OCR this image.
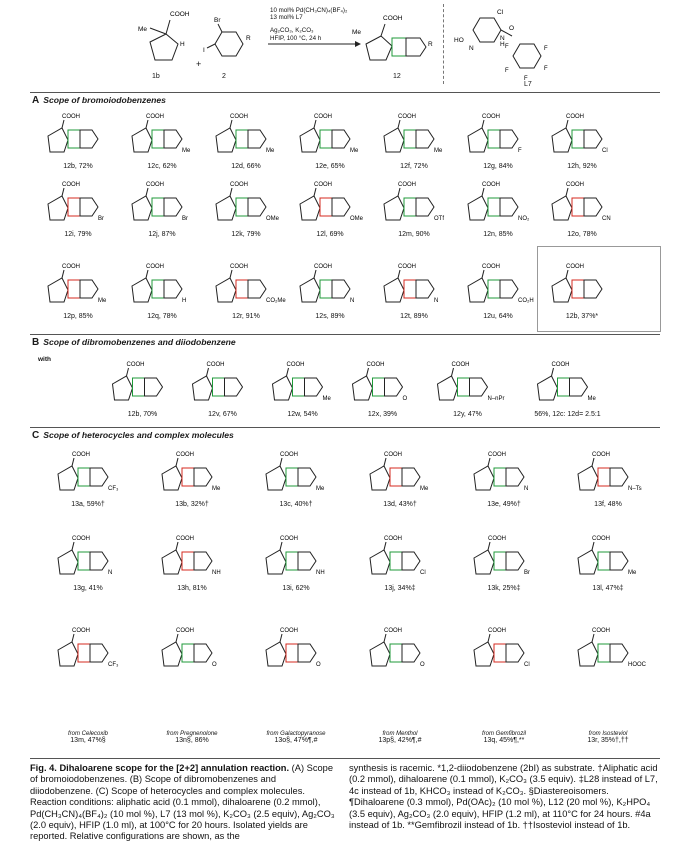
COOH
Me
H
Br
I
R
COOH
Me
R
Cl
HO
N
H
N
O
F
F
F
F
F
1b
+
2	12
L7
10 mol% Pd(CH₃CN)₄(BF₄)₂
13 mol% L7
Ag₂CO₃, K₂CO₃
HFIP, 100 °C, 24 h
A Scope of bromoiodobenzenes
B Scope of dibromobenzenes and diiodobenzene
with
C Scope of heterocycles and complex molecules
COOH
12b, 72%
COOH
Me
12c, 62%
COOH
Me
12d, 66%
COOH
Me
12e, 65%
COOH
Me
12f, 72%
COOH
F
12g, 84%
COOH
Cl
12h, 92%
COOH
Br
12i, 79%
COOH
Br
12j, 87%
COOH
OMe
12k, 79%
COOH
OMe
12l, 69%
COOH
OTf
12m, 90%
COOH
NO₂
12n, 85%
COOH
CN
12o, 78%
COOH
Me
12p, 85%
COOH
H
12q, 78%
COOH
CO₂Me
12r, 91%
COOH
N
12s, 89%
COOH
N
12t, 89%
COOH
CO₂H
12u, 64%
COOH
12b, 37%*
COOH
12b, 70%
COOH
12v, 67%
COOH
Me
12w, 54%
COOH
O
12x, 39%
COOH
N–nPr
12y, 47%
COOH
Me
56%, 12c: 12d= 2.5:1
COOH
CF₃
13a, 59%†
COOH
Me
13b, 32%†
COOH
Me
13c, 40%†
COOH
Me
13d, 43%†
COOH
N
13e, 49%†
COOH
N–Ts
13f, 48%
COOH
N
13g, 41%
COOH
NH
13h, 81%
COOH
NH
13i, 62%
COOH
Cl
13j, 34%‡
COOH
Br
13k, 25%‡
COOH
Me
13l, 47%‡
COOH
CF₃
from Celecoxib
13m, 47%§
COOH
O
from Pregnenolone
13n§, 86%
COOH
O
from Galactopyranose
13o§, 47%¶,#
COOH
O
from Menthol
13p§, 42%¶,#
COOH
Cl
from Gemfibrozil
13q, 45%¶,**
COOH
HOOC
from Isosteviol
13r, 35%†,††
Fig. 4. Dihaloarene scope for the [2+2] annulation reaction. (A) Scope of bromoiodobenzenes. (B) Scope of dibromobenzenes and diiodobenzene. (C) Scope of heterocycles and complex molecules. Reaction conditions: aliphatic acid (0.1 mmol), dihaloarene (0.2 mmol), Pd(CH₃CN)₄(BF₄)₂ (10 mol %), L7 (13 mol %), K₂CO₃ (2.5 equiv), Ag₂CO₃ (2.0 equiv), HFIP (1.0 ml), at 100°C for 20 hours. Isolated yields are reported. Relative configurations are shown, as the
synthesis is racemic. *1,2-diiodobenzene (2bI) as substrate. †Aliphatic acid (0.2 mmol), dihaloarene (0.1 mmol), K₂CO₃ (3.5 equiv). ‡L28 instead of L7, 4c instead of 1b, KHCO₃ instead of K₂CO₃. §Diastereoisomers. ¶Dihaloarene (0.3 mmol), Pd(OAc)₂ (10 mol %), L12 (20 mol %), K₂HPO₄ (3.5 equiv), Ag₂CO₃ (2.0 equiv), HFIP (1.2 ml), at 110°C for 24 hours. #4a instead of 1b. **Gemfibrozil instead of 1b. ††Isosteviol instead of 1b.
